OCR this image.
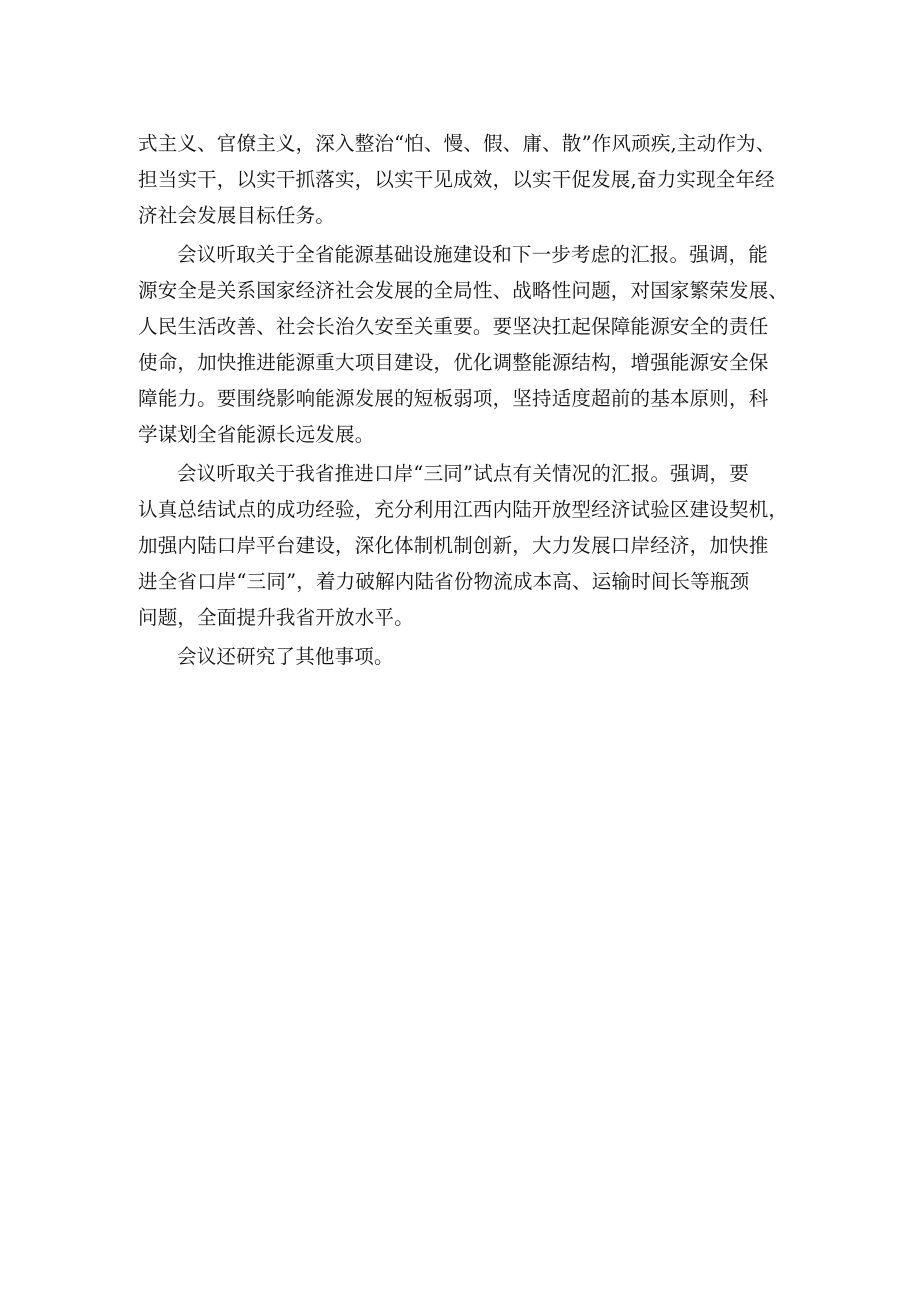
式主义、官僚主义，深入整治“怕、慢、假、庸、散”作风顽疾,主动作为、

担当实干，以实干抓落实，以实干见成效，以实干促发展,奋力实现全年经

济社会发展目标任务。

会议听取关于全省能源基础设施建设和下一步考虑的汇报。强调，能

源安全是关系国家经济社会发展的全局性、战略性问题，对国家繁荣发展、

人民生活改善、社会长治久安至关重要。要坚决扛起保障能源安全的责任

使命，加快推进能源重大项目建设，优化调整能源结构，增强能源安全保

障能力。要围绕影响能源发展的短板弱项，坚持适度超前的基本原则，科

学谋划全省能源长远发展。

会议听取关于我省推进口岸“三同”试点有关情况的汇报。强调，要

认真总结试点的成功经验，充分利用江西内陆开放型经济试验区建设契机，

加强内陆口岸平台建设，深化体制机制创新，大力发展口岸经济，加快推

进全省口岸“三同”，着力破解内陆省份物流成本高、运输时间长等瓶颈

问题，全面提升我省开放水平。

会议还研究了其他事项。
